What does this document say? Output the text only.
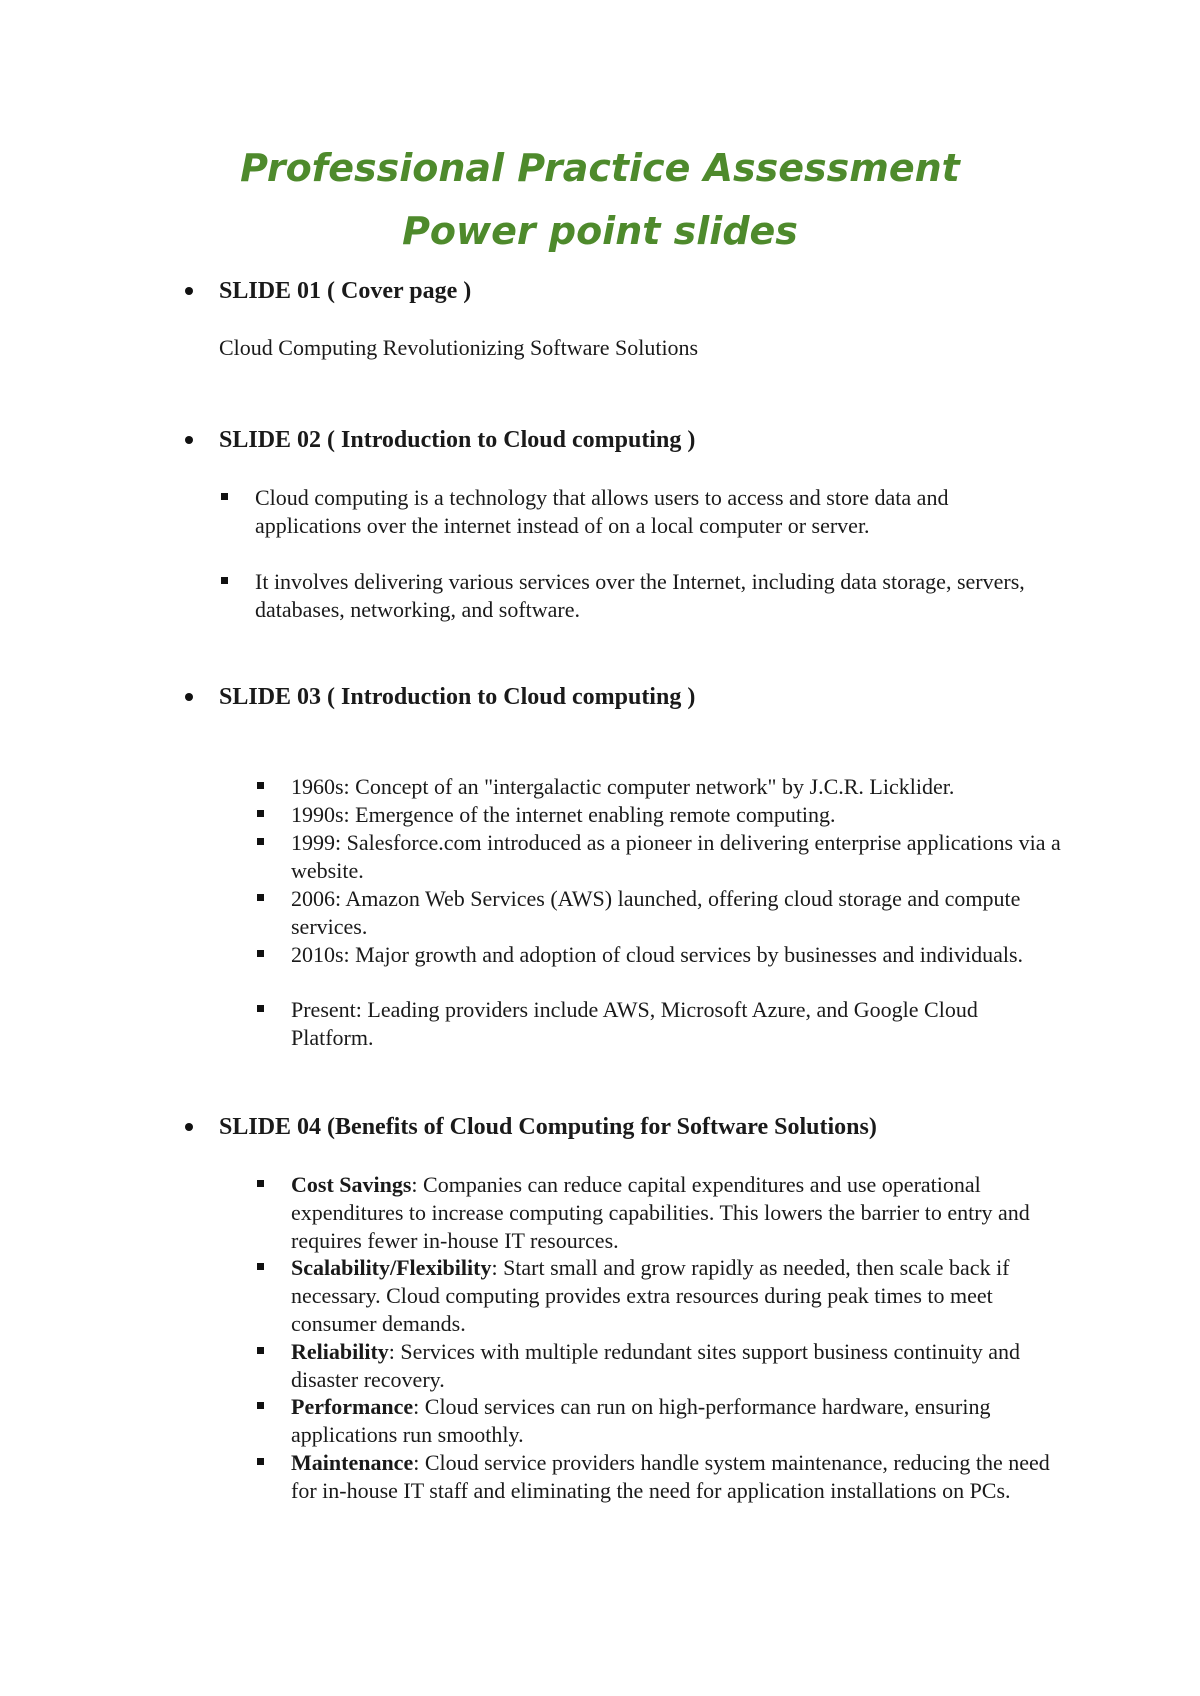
Professional Practice Assessment
Power point slides
SLIDE 01 ( Cover page )
Cloud Computing Revolutionizing Software Solutions
SLIDE 02 ( Introduction to Cloud computing )
Cloud computing is a technology that allows users to access and store data and applications over the internet instead of on a local computer or server.
It involves delivering various services over the Internet, including data storage, servers, databases, networking, and software.
SLIDE 03 ( Introduction to Cloud computing )
1960s: Concept of an "intergalactic computer network" by J.C.R. Licklider.
1990s: Emergence of the internet enabling remote computing.
1999: Salesforce.com introduced as a pioneer in delivering enterprise applications via a website.
2006: Amazon Web Services (AWS) launched, offering cloud storage and compute services.
2010s: Major growth and adoption of cloud services by businesses and individuals.
Present: Leading providers include AWS, Microsoft Azure, and Google Cloud Platform.
SLIDE 04 (Benefits of Cloud Computing for Software Solutions)
Cost Savings: Companies can reduce capital expenditures and use operational expenditures to increase computing capabilities. This lowers the barrier to entry and requires fewer in-house IT resources.
Scalability/Flexibility: Start small and grow rapidly as needed, then scale back if necessary. Cloud computing provides extra resources during peak times to meet consumer demands.
Reliability: Services with multiple redundant sites support business continuity and disaster recovery.
Performance: Cloud services can run on high-performance hardware, ensuring applications run smoothly.
Maintenance: Cloud service providers handle system maintenance, reducing the need for in-house IT staff and eliminating the need for application installations on PCs.
